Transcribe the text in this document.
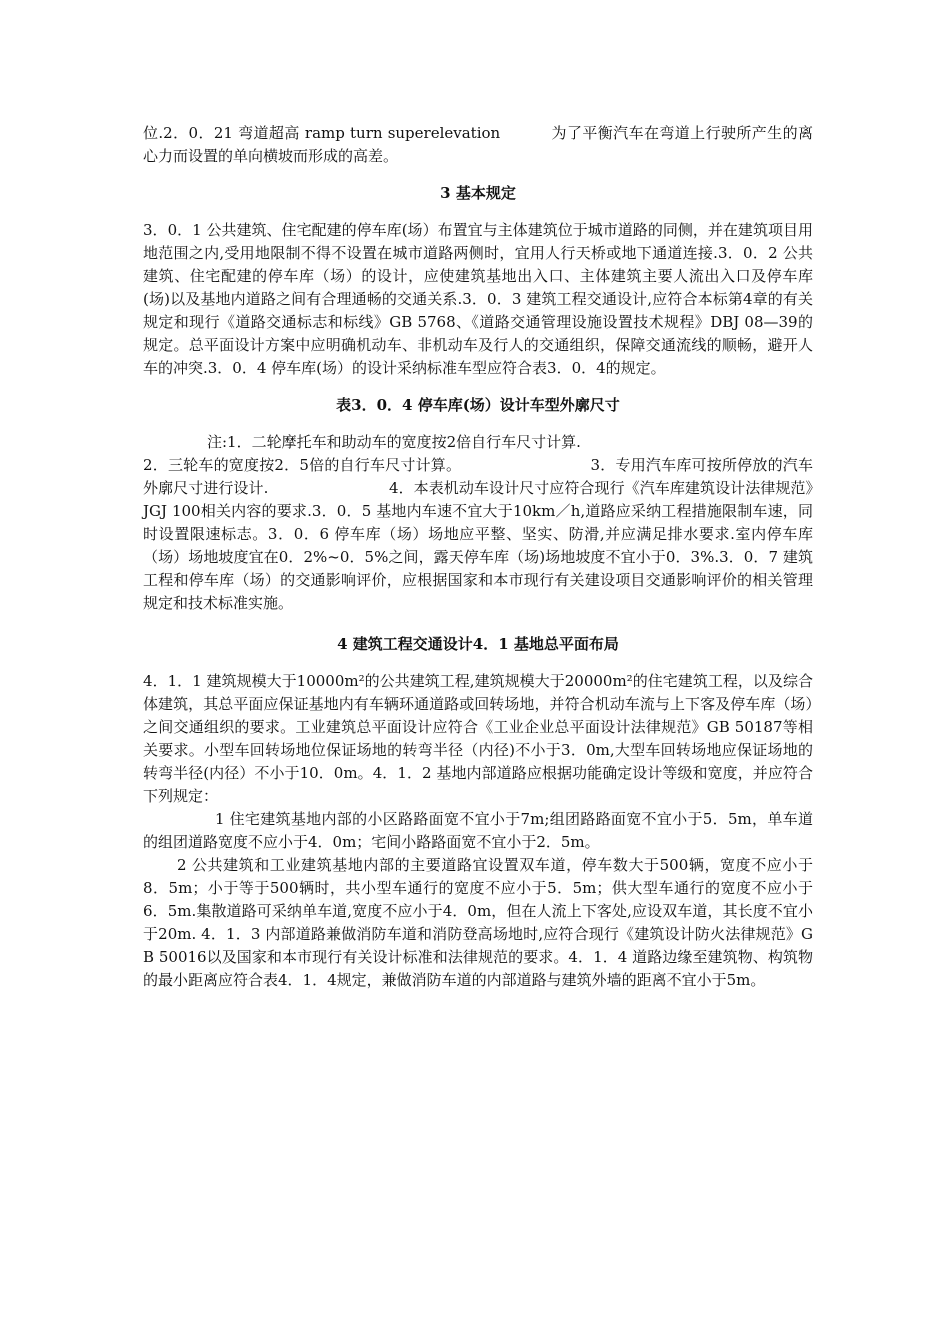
位.2．0．21 弯道超高 ramp turn superelevation 　　　为了平衡汽车在弯道上行驶所产生的离心力而设置的单向横坡而形成的高差。

3 基本规定

3．0．1 公共建筑、住宅配建的停车库(场）布置宜与主体建筑位于城市道路的同侧，并在建筑项目用地范围之内,受用地限制不得不设置在城市道路两侧时，宜用人行天桥或地下通道连接.3．0．2 公共建筑、住宅配建的停车库（场）的设计，应使建筑基地出入口、主体建筑主要人流出入口及停车库(场)以及基地内道路之间有合理通畅的交通关系.3．0．3 建筑工程交通设计,应符合本标第4章的有关规定和现行《道路交通标志和标线》GB 5768、《道路交通管理设施设置技术规程》DBJ 08—39的规定。总平面设计方案中应明确机动车、非机动车及行人的交通组织，保障交通流线的顺畅，避开人车的冲突.3．0．4 停车库(场）的设计采纳标准车型应符合表3．0．4的规定。

表3．0．4 停车库(场）设计车型外廓尺寸

注:1．二轮摩托车和助动车的宽度按2倍自行车尺寸计算.

2．三轮车的宽度按2．5倍的自行车尺寸计算。　　　　　　　　　3．专用汽车库可按所停放的汽车外廓尺寸进行设计.　　　　　　　　4．本表机动车设计尺寸应符合现行《汽车库建筑设计法律规范》JGJ 100相关内容的要求.3．0．5 基地内车速不宜大于10km／h,道路应采纳工程措施限制车速，同时设置限速标志。3．0．6 停车库（场）场地应平整、坚实、防滑,并应满足排水要求.室内停车库（场）场地坡度宜在0．2%~0．5%之间，露天停车库（场)场地坡度不宜小于0．3%.3．0．7 建筑工程和停车库（场）的交通影响评价，应根据国家和本市现行有关建设项目交通影响评价的相关管理规定和技术标准实施。

4 建筑工程交通设计4．1 基地总平面布局

4．1．1 建筑规模大于10000m²的公共建筑工程,建筑规模大于20000m²的住宅建筑工程，以及综合体建筑，其总平面应保证基地内有车辆环通道路或回转场地，并符合机动车流与上下客及停车库（场）之间交通组织的要求。工业建筑总平面设计应符合《工业企业总平面设计法律规范》GB 50187等相关要求。小型车回转场地位保证场地的转弯半径（内径)不小于3．0m,大型车回转场地应保证场地的转弯半径(内径）不小于10．0m。4．1．2 基地内部道路应根据功能确定设计等级和宽度，并应符合下列规定：

1 住宅建筑基地内部的小区路路面宽不宜小于7m;组团路路面宽不宜小于5．5m，单车道的组团道路宽度不应小于4．0m；宅间小路路面宽不宜小于2．5m。

2 公共建筑和工业建筑基地内部的主要道路宜设置双车道，停车数大于500辆，宽度不应小于8．5m；小于等于500辆时，共小型车通行的宽度不应小于5．5m；供大型车通行的宽度不应小于6．5m.集散道路可采纳单车道,宽度不应小于4．0m，但在人流上下客处,应设双车道，其长度不宜小于20m. 4．1．3 内部道路兼做消防车道和消防登高场地时,应符合现行《建筑设计防火法律规范》GB 50016以及国家和本市现行有关设计标准和法律规范的要求。4．1．4 道路边缘至建筑物、构筑物的最小距离应符合表4．1．4规定，兼做消防车道的内部道路与建筑外墙的距离不宜小于5m。
